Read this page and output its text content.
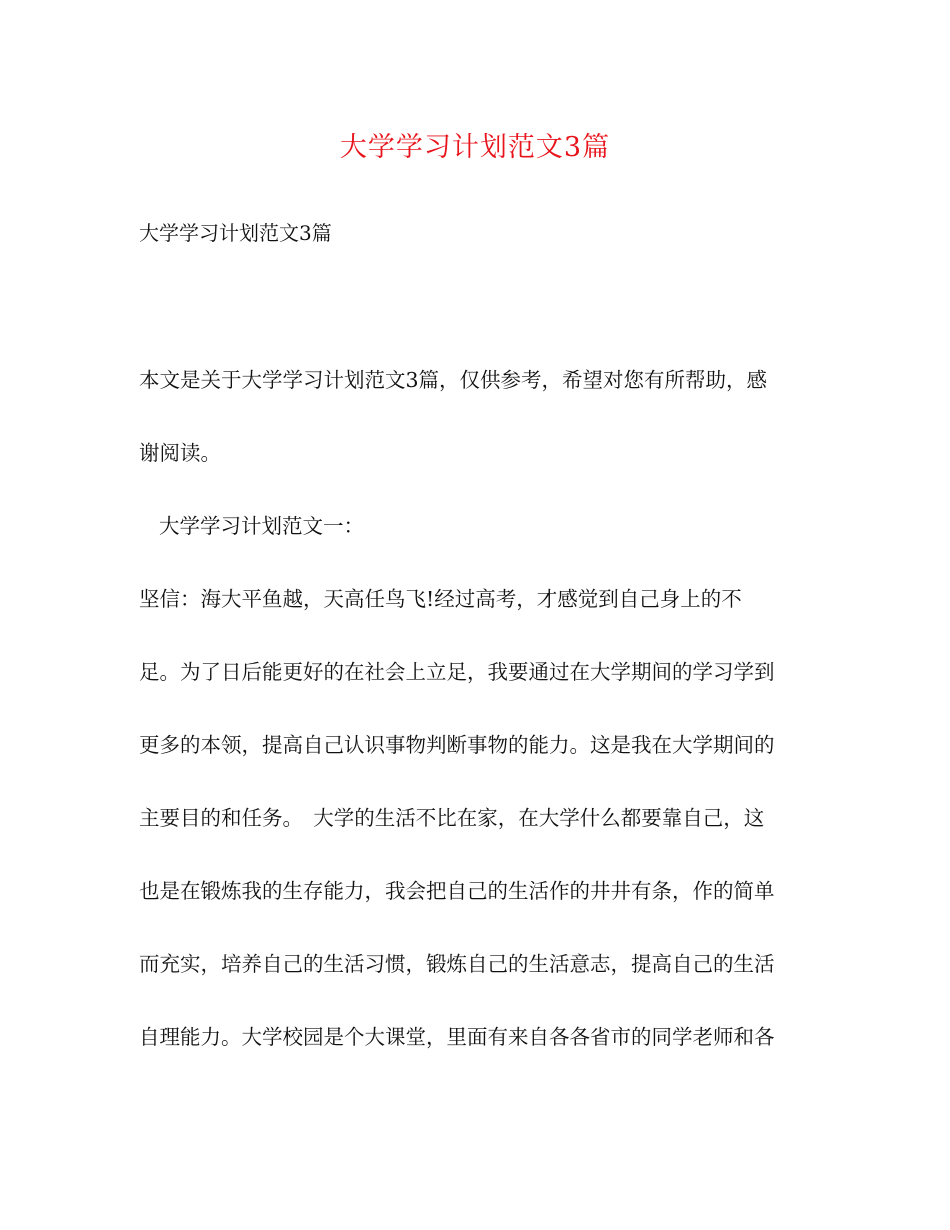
大学学习计划范文3篇
大学学习计划范文3篇
本文是关于大学学习计划范文3篇，仅供参考，希望对您有所帮助，感
谢阅读。
大学学习计划范文一：
坚信：海大平鱼越，天高任鸟飞!经过高考，才感觉到自己身上的不
足。为了日后能更好的在社会上立足，我要通过在大学期间的学习学到
更多的本领，提高自己认识事物判断事物的能力。这是我在大学期间的
主要目的和任务。　大学的生活不比在家，在大学什么都要靠自己，这
也是在锻炼我的生存能力，我会把自己的生活作的井井有条，作的简单
而充实，培养自己的生活习惯，锻炼自己的生活意志，提高自己的生活
自理能力。大学校园是个大课堂，里面有来自各各省市的同学老师和各
